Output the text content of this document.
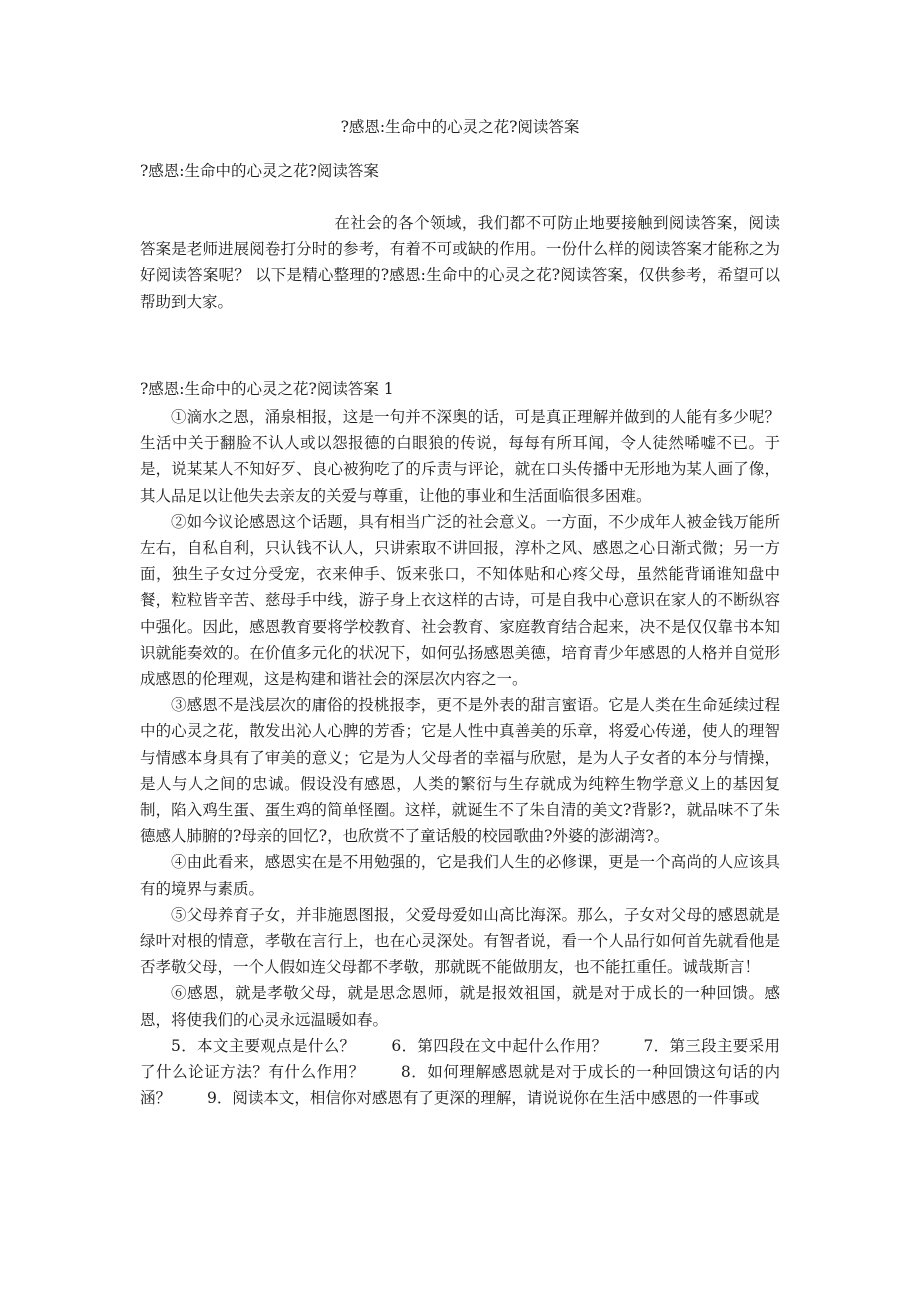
?感恩:生命中的心灵之花?阅读答案
?感恩:生命中的心灵之花?阅读答案
在社会的各个领域，我们都不可防止地要接触到阅读答案，阅读答案是老师进展阅卷打分时的参考，有着不可或缺的作用。一份什么样的阅读答案才能称之为好阅读答案呢？ 以下是精心整理的?感恩:生命中的心灵之花?阅读答案，仅供参考，希望可以帮助到大家。
?感恩:生命中的心灵之花?阅读答案 1

①滴水之恩，涌泉相报，这是一句并不深奥的话，可是真正理解并做到的人能有多少呢？生活中关于翻脸不认人或以怨报德的白眼狼的传说，每每有所耳闻，令人徒然唏嘘不已。于是，说某某人不知好歹、良心被狗吃了的斥责与评论，就在口头传播中无形地为某人画了像，其人品足以让他失去亲友的关爱与尊重，让他的事业和生活面临很多困难。

②如今议论感恩这个话题，具有相当广泛的社会意义。一方面，不少成年人被金钱万能所左右，自私自利，只认钱不认人，只讲索取不讲回报，淳朴之风、感恩之心日渐式微；另一方面，独生子女过分受宠，衣来伸手、饭来张口，不知体贴和心疼父母，虽然能背诵谁知盘中餐，粒粒皆辛苦、慈母手中线，游子身上衣这样的古诗，可是自我中心意识在家人的不断纵容中强化。因此，感恩教育要将学校教育、社会教育、家庭教育结合起来，决不是仅仅靠书本知识就能奏效的。在价值多元化的状况下，如何弘扬感恩美德，培育青少年感恩的人格并自觉形成感恩的伦理观，这是构建和谐社会的深层次内容之一。

③感恩不是浅层次的庸俗的投桃报李，更不是外表的甜言蜜语。它是人类在生命延续过程中的心灵之花，散发出沁人心脾的芳香；它是人性中真善美的乐章，将爱心传递，使人的理智与情感本身具有了审美的意义；它是为人父母者的幸福与欣慰，是为人子女者的本分与情操，是人与人之间的忠诚。假设没有感恩，人类的繁衍与生存就成为纯粹生物学意义上的基因复制，陷入鸡生蛋、蛋生鸡的简单怪圈。这样，就诞生不了朱自清的美文?背影?，就品味不了朱德感人肺腑的?母亲的回忆?，也欣赏不了童话般的校园歌曲?外婆的澎湖湾?。

④由此看来，感恩实在是不用勉强的，它是我们人生的必修课，更是一个高尚的人应该具有的境界与素质。

⑤父母养育子女，并非施恩图报，父爱母爱如山高比海深。那么，子女对父母的感恩就是绿叶对根的情意，孝敬在言行上，也在心灵深处。有智者说，看一个人品行如何首先就看他是否孝敬父母，一个人假如连父母都不孝敬，那就既不能做朋友，也不能扛重任。诚哉斯言！

⑥感恩，就是孝敬父母，就是思念恩师，就是报效祖国，就是对于成长的一种回馈。感恩，将使我们的心灵永远温暖如春。

5．本文主要观点是什么？ 6．第四段在文中起什么作用？ 7．第三段主要采用了什么论证方法？有什么作用？ 8．如何理解感恩就是对于成长的一种回馈这句话的内涵？ 9．阅读本文，相信你对感恩有了更深的理解，请说说你在生活中感恩的一件事或
